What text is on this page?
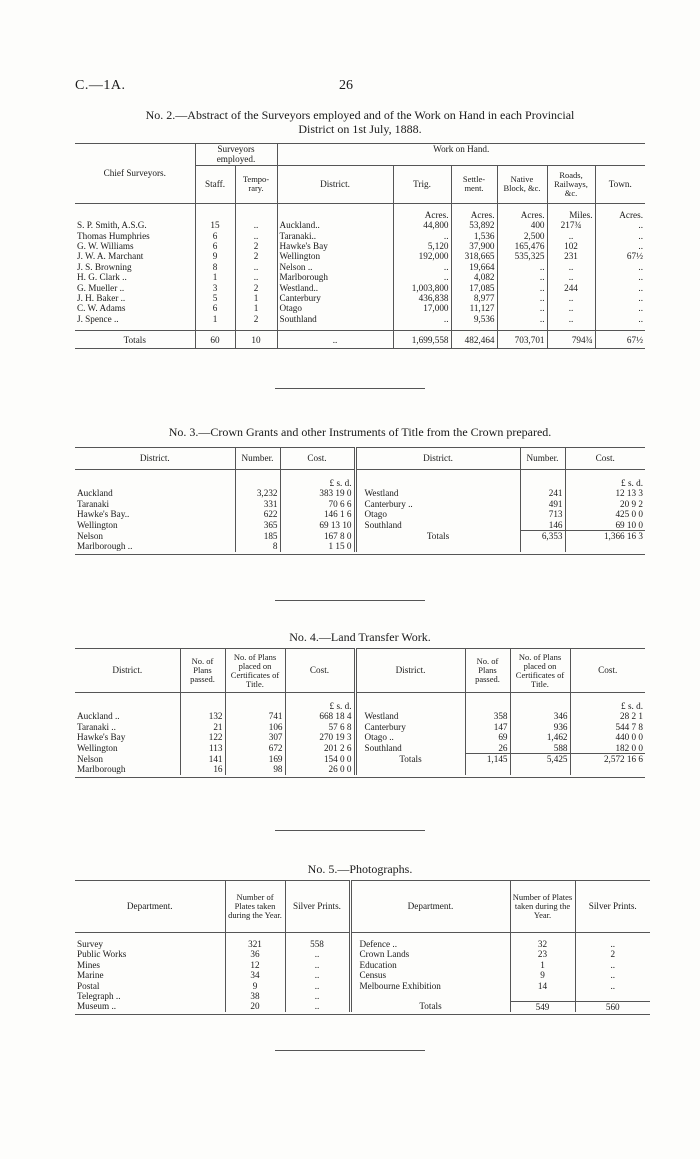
C.—1A.	26
No. 2.—Abstract of the Surveyors employed and of the Work on Hand in each Provincial
District on 1st July, 1888.
Chief Surveyors.	Surveyors employed.		Work on Hand.					
	Staff.	Tempo-rary.	District.	Trig.	Settle-ment.	Native Block, &c.	Roads, Railways, &c.	Town.
				Acres.	Acres.	Acres.	Miles.	Acres.
S. P. Smith, A.S.G.	15	..	Auckland..	44,800	53,892	400	217¾	..
Thomas Humphries	6	..	Taranaki..	..	1,536	2,500	..	..
G. W. Williams	6	2	Hawke's Bay	5,120	37,900	165,476	102	..
J. W. A. Marchant	9	2	Wellington	192,000	318,665	535,325	231	67½
J. S. Browning	8	..	Nelson ..	..	19,664	..	..	..
H. G. Clark ..	1	..	Marlborough	..	4,082	..	..	..
G. Mueller ..	3	2	Westland..	1,003,800	17,085	..	244	..
J. H. Baker ..	5	1	Canterbury	436,838	8,977	..	..	..
C. W. Adams	6	1	Otago	17,000	11,127	..	..	..
J. Spence ..	1	2	Southland	..	9,536	..	..	..

Totals	60	10	..	1,699,558	482,464	703,701	794¾	67½
No. 3.—Crown Grants and other Instruments of Title from the Crown prepared.
District.	Number.	Cost.	District.	Number.	Cost.
		£ s. d.			£ s. d.
Auckland	3,232	383 19 0	Westland	241	12 13 3
Taranaki	331	70 6 6	Canterbury ..	491	20 9 2
Hawke's Bay..	622	146 1 6	Otago	713	425 0 0
Wellington	365	69 13 10	Southland	146	69 10 0
Nelson	185	167 8 0	Totals	6,353	1,366 16 3
Marlborough ..	8	1 15 0			

No. 4.—Land Transfer Work.
District.	No. of Plans passed.	No. of Plans placed on Certificates of Title.	Cost.	District.	No. of Plans passed.	No. of Plans placed on Certificates of Title.	Cost.
			£ s. d.				£ s. d.
Auckland ..	132	741	668 18 4	Westland	358	346	28 2 1
Taranaki ..	21	106	57 6 8	Canterbury	147	936	544 7 8
Hawke's Bay	122	307	270 19 3	Otago ..	69	1,462	440 0 0
Wellington	113	672	201 2 6	Southland	26	588	182 0 0
Nelson	141	169	154 0 0	Totals	1,145	5,425	2,572 16 6
Marlborough	16	98	26 0 0				

No. 5.—Photographs.
Department.	Number of Plates taken during the Year.	Silver Prints.	Department.	Number of Plates taken during the Year.	Silver Prints.

Survey	321	558	Defence ..	32	..
Public Works	36	..	Crown Lands	23	2
Mines	12	..	Education	1	..
Marine	34	..	Census	9	..
Postal	9	..	Melbourne Exhibition	14	..
Telegraph ..	38	..			
Museum ..	20	..	Totals	549	560
